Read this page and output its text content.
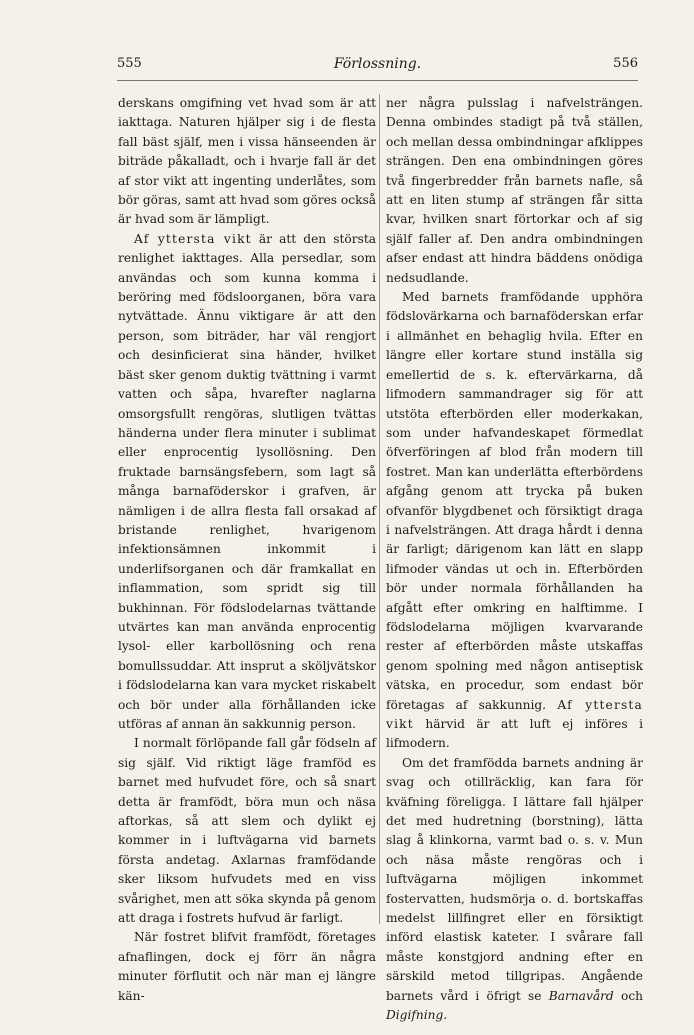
555	Förlossning.	556

derskans omgifning vet hvad som är att iakttaga. Naturen hjälper sig i de flesta fall bäst själf, men i vissa hänseenden är biträde påkalladt, och i hvarje fall är det af stor vikt att ingenting underlåtes, som bör göras, samt att hvad som göres också är hvad som är lämpligt.

Af yttersta vikt är att den största renlighet iakttages. Alla persedlar, som användas och som kunna komma i beröring med födsloorganen, böra vara nytvättade. Ännu viktigare är att den person, som biträder, har väl rengjort och desinficierat sina händer, hvilket bäst sker genom duktig tvättning i varmt vatten och såpa, hvarefter naglarna omsorgsfullt rengöras, slutligen tvättas händerna under flera minuter i sublimat eller enprocentig lysollösning. Den fruktade barnsängsfebern, som lagt så många barnaföderskor i grafven, är nämligen i de allra flesta fall orsakad af bristande renlighet, hvarigenom infektionsämnen inkommit i underlifsorganen och där framkallat en inflammation, som spridt sig till bukhinnan. För födslodelarnas tvättande utvärtes kan man använda enprocentig lysol- eller karbollösning och rena bomullssuddar. Att insprut a sköljvätskor i födslodelarna kan vara mycket riskabelt och bör under alla förhållanden icke utföras af annan än sakkunnig person.

I normalt förlöpande fall går födseln af sig själf. Vid riktigt läge framföd es barnet med hufvudet före, och så snart detta är framfödt, böra mun och näsa aftorkas, så att slem och dylikt ej kommer in i luftvägarna vid barnets första andetag. Axlarnas framfödande sker liksom hufvudets med en viss svårighet, men att söka skynda på genom att draga i fostrets hufvud är farligt.

När fostret blifvit framfödt, företages afnaflingen, dock ej förr än några minuter förflutit och när man ej längre kän-

ner några pulsslag i nafvelsträngen. Denna ombindes stadigt på två ställen, och mellan dessa ombindningar afklippes strängen. Den ena ombindningen göres två fingerbredder från barnets nafle, så att en liten stump af strängen får sitta kvar, hvilken snart förtorkar och af sig själf faller af. Den andra ombindningen afser endast att hindra bäddens onödiga nedsudlande.

Med barnets framfödande upphöra födslovärkarna och barnaföderskan erfar i allmänhet en behaglig hvila. Efter en längre eller kortare stund inställa sig emellertid de s. k. eftervärkarna, då lifmodern sammandrager sig för att utstöta efterbörden eller moderkakan, som under hafvandeskapet förmedlat öfverföringen af blod från modern till fostret. Man kan underlätta efterbördens afgång genom att trycka på buken ofvanför blygdbenet och försiktigt draga i nafvelsträngen. Att draga hårdt i denna är farligt; därigenom kan lätt en slapp lifmoder vändas ut och in. Efterbörden bör under normala förhållanden ha afgått efter omkring en halftimme. I födslodelarna möjligen kvarvarande rester af efterbörden måste utskaffas genom spolning med någon antiseptisk vätska, en procedur, som endast bör företagas af sakkunnig. Af yttersta vikt härvid är att luft ej införes i lifmodern.

Om det framfödda barnets andning är svag och otillräcklig, kan fara för kväfning föreligga. I lättare fall hjälper det med hudretning (borstning), lätta slag å klinkorna, varmt bad o. s. v. Mun och näsa måste rengöras och i luftvägarna möjligen inkommet fostervatten, hudsmörja o. d. bortskaffas medelst lillfingret eller en försiktigt införd elastisk kateter. I svårare fall måste konstgjord andning efter en särskild metod tillgripas. Angående barnets vård i öfrigt se Barnavård och Digifning.
